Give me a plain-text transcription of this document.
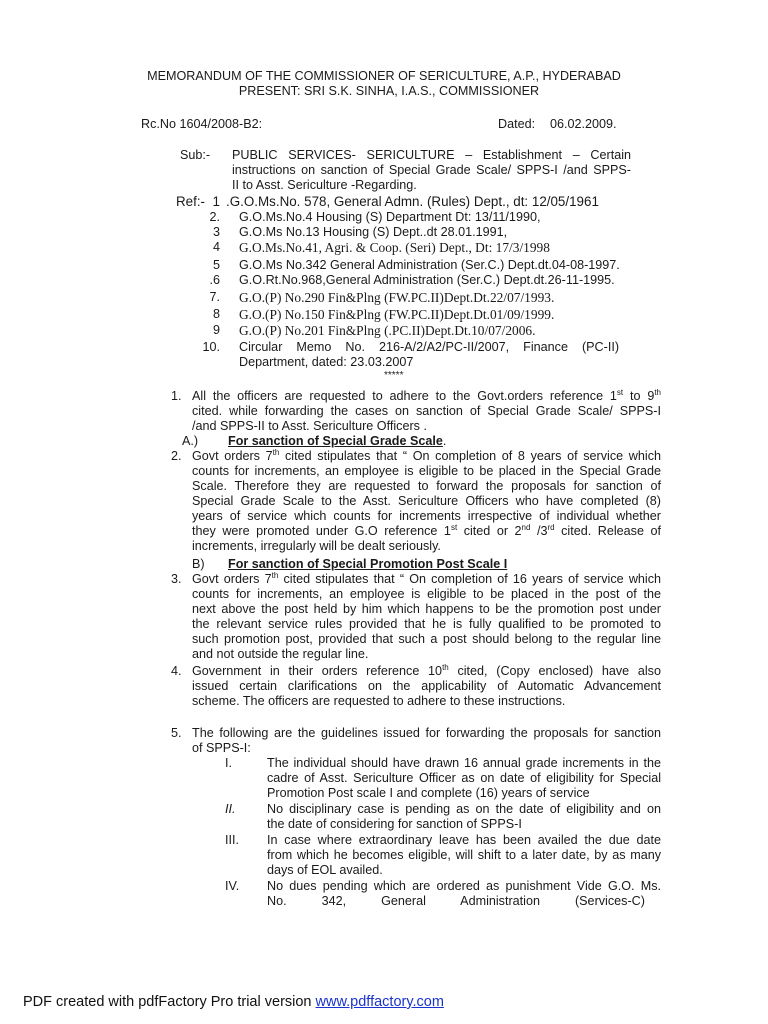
MEMORANDUM OF THE COMMISSIONER OF SERICULTURE, A.P., HYDERABAD
PRESENT: SRI S.K. SINHA, I.A.S., COMMISSIONER
Rc.No 1604/2008-B2:	Dated: 06.02.2009.
Sub:- PUBLIC SERVICES- SERICULTURE – Establishment – Certain
instructions on sanction of Special Grade Scale/ SPPS-I /and SPPS-
II to Asst. Sericulture -Regarding.
Ref:- 1 .G.O.Ms.No. 578, General Admn. (Rules) Dept., dt: 12/05/1961
2. G.O.Ms.No.4 Housing (S) Department Dt: 13/11/1990,
3 G.O.Ms No.13 Housing (S) Dept..dt 28.01.1991,
4 G.O.Ms.No.41, Agri. & Coop. (Seri) Dept., Dt: 17/3/1998
5 G.O.Ms No.342 General Administration (Ser.C.) Dept.dt.04-08-1997.
.6 G.O.Rt.No.968,General Administration (Ser.C.) Dept.dt.26-11-1995.
7. G.O.(P) No.290 Fin&Plng (FW.PC.II)Dept.Dt.22/07/1993.
8 G.O.(P) No.150 Fin&Plng (FW.PC.II)Dept.Dt.01/09/1999.
9 G.O.(P) No.201 Fin&Plng (.PC.II)Dept.Dt.10/07/2006.
10. Circular    Memo    No.    216-A/2/A2/PC-II/2007,    Finance    (PC-II)
Department, dated: 23.03.2007
*****
1. All the officers are requested to adhere to the Govt.orders reference 1st to 9th
cited. while forwarding the cases on sanction of Special Grade Scale/ SPPS-I
/and SPPS-II to Asst. Sericulture Officers .
A.) For sanction of Special Grade Scale.
2. Govt orders 7th cited stipulates that “ On completion of 8 years of service which
counts for increments, an employee is eligible to be placed in the Special Grade
Scale. Therefore they are requested to forward the proposals for sanction of
Special Grade Scale to the Asst. Sericulture Officers who have completed (8)
years of service which counts for increments irrespective of individual whether
they were promoted under G.O reference 1st cited or 2nd /3rd cited. Release of
increments, irregularly will be dealt seriously.
B) For sanction of Special Promotion Post Scale I
3. Govt orders 7th cited stipulates that “ On completion of 16 years of service which
counts for increments, an employee is eligible to be placed in the post of the
next above the post held by him which happens to be the promotion post under
the relevant service rules provided that he is fully qualified to be promoted to
such promotion post, provided that such a post should belong to the regular line
and not outside the regular line.
4. Government in their orders reference 10th cited, (Copy enclosed) have also
issued certain clarifications on the applicability of Automatic Advancement
scheme. The officers are requested to adhere to these instructions.
5. The following are the guidelines issued for forwarding the proposals for sanction
of SPPS-I:
I.	The individual should have drawn 16 annual grade increments in the
cadre of Asst. Sericulture Officer as on date of eligibility for Special
Promotion Post scale I and complete (16) years of service
II.	No disciplinary case is pending as on the date of eligibility and on
the date of considering for sanction of SPPS-I
III. In case where extraordinary leave has been availed the due date
from which he becomes eligible, will shift to a later date, by as many
days of EOL availed.
IV. No dues pending which are ordered as punishment Vide G.O. Ms.
No.          342,          General          Administration          (Services-C)
PDF created with pdfFactory Pro trial version www.pdffactory.com
